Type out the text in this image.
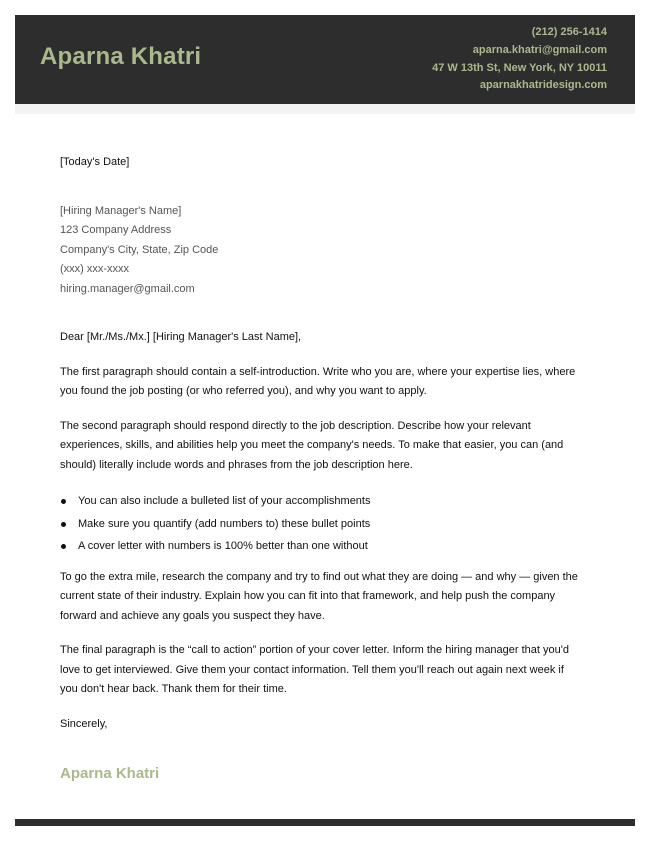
Aparna Khatri
(212) 256-1414
aparna.khatri@gmail.com
47 W 13th St, New York, NY 10011
aparnakhatridesign.com
[Today's Date]
[Hiring Manager's Name]
123 Company Address
Company's City, State, Zip Code
(xxx) xxx-xxxx
hiring.manager@gmail.com
Dear [Mr./Ms./Mx.] [Hiring Manager's Last Name],

The first paragraph should contain a self-introduction. Write who you are, where your expertise lies, where you found the job posting (or who referred you), and why you want to apply.

The second paragraph should respond directly to the job description. Describe how your relevant experiences, skills, and abilities help you meet the company's needs. To make that easier, you can (and should) literally include words and phrases from the job description here.

You can also include a bulleted list of your accomplishments
Make sure you quantify (add numbers to) these bullet points
A cover letter with numbers is 100% better than one without

To go the extra mile, research the company and try to find out what they are doing — and why — given the current state of their industry. Explain how you can fit into that framework, and help push the company forward and achieve any goals you suspect they have.

The final paragraph is the “call to action” portion of your cover letter. Inform the hiring manager that you'd love to get interviewed. Give them your contact information. Tell them you'll reach out again next week if you don't hear back. Thank them for their time.

Sincerely,
Aparna Khatri
